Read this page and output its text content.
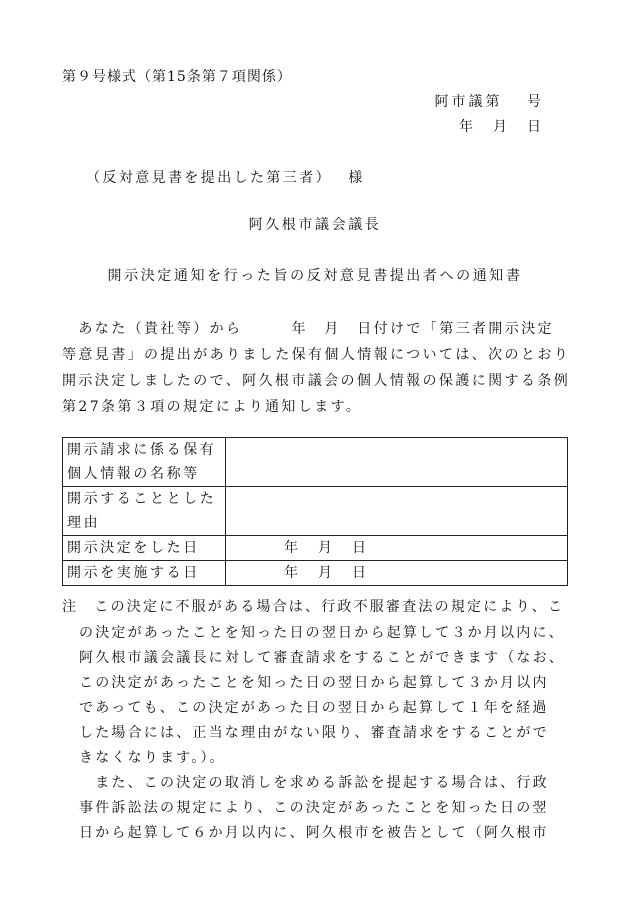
第９号様式（第15条第７項関係）
阿市議第　 号
年　月　日
（反対意見書を提出した第三者）　 様
阿久根市議会議長
開示決定通知を行った旨の反対意見書提出者への通知書
　あなた（貴社等）から　　　年　月　日付けで「第三者開示決定
等意見書」の提出がありました保有個人情報については、次のとおり
開示決定しましたので、阿久根市議会の個人情報の保護に関する条例
第27条第３項の規定により通知します。
開示請求に係る保有
個人情報の名称等	

開示することとした
理由	

開示決定をした日	年　月　日

開示を実施する日	年　月　日
注　この決定に不服がある場合は、行政不服審査法の規定により、こ
の決定があったことを知った日の翌日から起算して３か月以内に、
阿久根市議会議長に対して審査請求をすることができます（なお、
この決定があったことを知った日の翌日から起算して３か月以内
であっても、この決定があった日の翌日から起算して１年を経過
した場合には、正当な理由がない限り、審査請求をすることがで
きなくなります。）。
　また、この決定の取消しを求める訴訟を提起する場合は、行政
事件訴訟法の規定により、この決定があったことを知った日の翌
日から起算して６か月以内に、阿久根市を被告として（阿久根市
